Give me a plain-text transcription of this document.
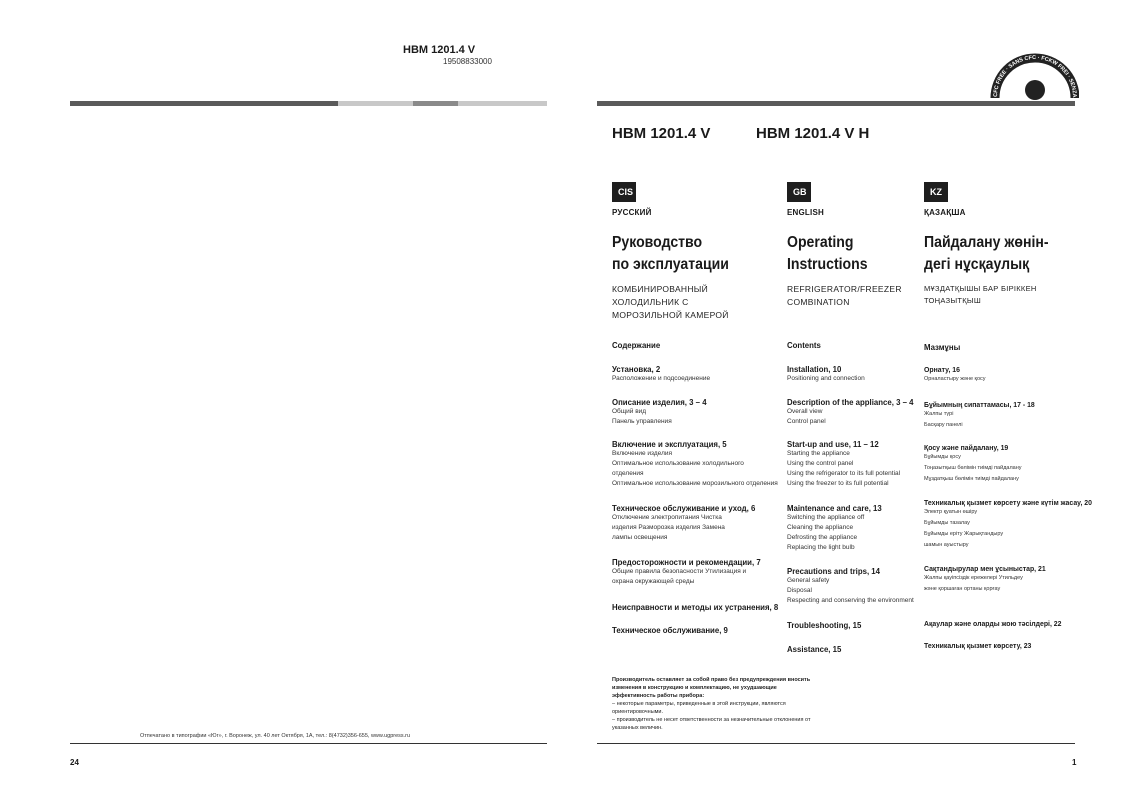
HBM 1201.4 V
19508833000
Отпечатано в типографии «Юг», г. Воронеж, ул. 40 лет Октября, 1А, тел.: 8(4732)356-655, www.ugpress.ru
24
CFC FREE · SANS CFC · FCKW FREI · SENZA
HBM 1201.4 V	HBM 1201.4 V H
CIS
РУССКИЙ
Руководство
по эксплуатации
КОМБИНИРОВАННЫЙ
ХОЛОДИЛЬНИК С
МОРОЗИЛЬНОЙ КАМЕРОЙ
Содержание
Установка, 2
Расположение и подсоединение
Описание изделия, 3 – 4
Общий вид
Панель управления
Включение и эксплуатация, 5
Включение изделия
Оптимальное использование холодильного
отделения
Оптимальное использование морозильного отделения
Техническое обслуживание и уход, 6
Отключение электропитания Чистка
изделия Разморозка изделия Замена
лампы освещения
Предосторожности и рекомендации, 7
Общие правила безопасности Утилизация и
охрана окружающей среды
Неисправности и методы их устранения, 8
Техническое обслуживание, 9
GB
ENGLISH
Operating
Instructions
REFRIGERATOR/FREEZER
COMBINATION
Contents
Installation, 10
Positioning and connection
Description of the appliance, 3 – 4
Overall view
Control panel
Start-up and use, 11 – 12
Starting the appliance
Using the control panel
Using the refrigerator to its full potential
Using the freezer to its full potential
Maintenance and care, 13
Switching the appliance off
Cleaning the appliance
Defrosting the appliance
Replacing the light bulb
Precautions and trips, 14
General safety
Disposal
Respecting and conserving the environment
Troubleshooting, 15
Assistance, 15
KZ
ҚАЗАҚША
Пайдалану жөнін-
дегі нұсқаулық
МҰЗДАТҚЫШЫ БАР БІРІККЕН
ТОҢАЗЫТҚЫШ
Мазмұны
Орнату, 16
Орналастыру және қосу
Бұйымның сипаттамасы, 17 - 18
Жалпы түрі
Басқару панелі
Қосу және пайдалану, 19
Бұйымды қосу
Тоңазытқыш бөлімін тиімді пайдалану
Мұздатқыш бөлімін тиімді пайдалану
Техникалық қызмет көрсету және күтім жасау, 20
Электр қуатын өшіру
Бұйымды тазалау
Бұйымды еріту Жарықтандыру
шамын ауыстыру
Сақтандырулар мен ұсыныстар, 21
Жалпы қауіпсіздік ережелері Утильдеу
және қоршаған ортаны қорғау
Ақаулар және оларды жою тәсілдері, 22
Техникалық қызмет көрсету, 23
Производитель оставляет за собой право без предупреждения вносить изменения в конструкцию и комплектацию, не ухудшающие эффективность работы прибора:
– некоторые параметры, приведенные в этой инструкции, являются ориентировочными.
– производитель не несет ответственности за незначительные отклонения от указанных величин.
1
